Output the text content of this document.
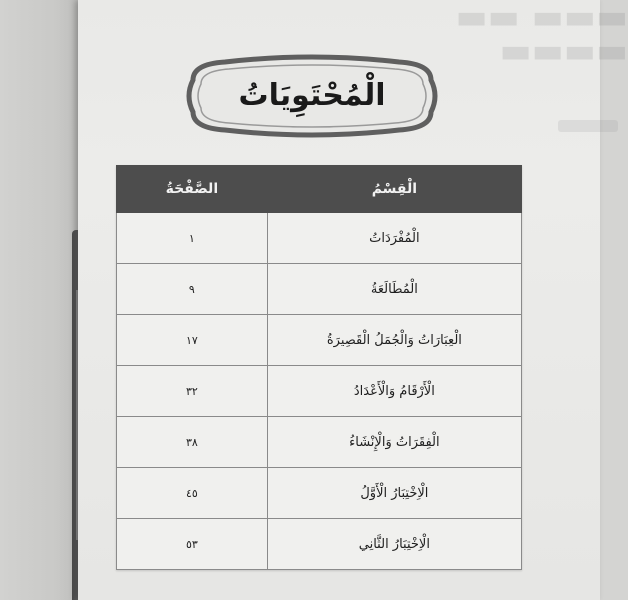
▬▬▬ ▬▬
▬▬▬▬
الْمُحْتَوِيَاتُ
الْقِسْمُ	الصَّفْحَةُ
الْمُفْرَدَاتُ	١
الْمُطَالَعَةُ	٩
الْعِبَارَاتُ وَالْجُمَلُ الْقَصِيرَةُ	١٧
الْأَرْقَامُ وَالْأَعْدَادُ	٣٢
الْفِقَرَاتُ وَالْإِنْشَاءُ	٣٨
الْاِخْتِبَارُ الْأَوَّلُ	٤٥
الْاِخْتِبَارُ الثَّانِي	٥٣
